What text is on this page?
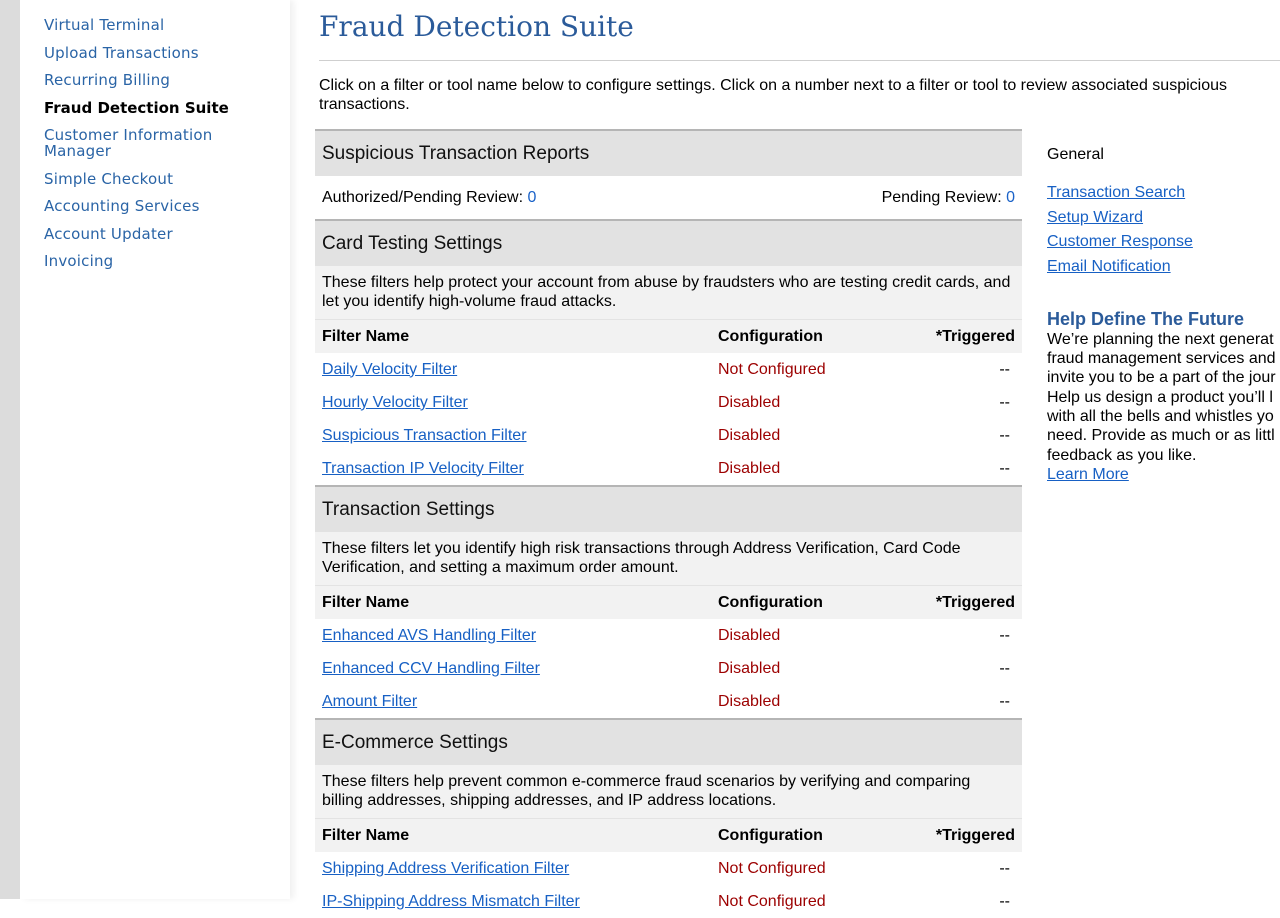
Virtual Terminal
Upload Transactions
Recurring Billing
Fraud Detection Suite
Customer Information Manager
Simple Checkout
Accounting Services
Account Updater
Invoicing
Fraud Detection Suite

Click on a filter or tool name below to configure settings. Click on a number next to a filter or tool to review associated suspicious transactions.

Suspicious Transaction Reports
Authorized/Pending Review: 0	Pending Review: 0
Card Testing Settings
These filters help protect your account from abuse by fraudsters who are testing credit cards, and let you identify high-volume fraud attacks.
Filter Name	Configuration	*Triggered
Daily Velocity Filter	Not Configured	--
Hourly Velocity Filter	Disabled	--
Suspicious Transaction Filter	Disabled	--
Transaction IP Velocity Filter	Disabled	--
Transaction Settings
These filters let you identify high risk transactions through Address Verification, Card Code Verification, and setting a maximum order amount.
Filter Name	Configuration	*Triggered
Enhanced AVS Handling Filter	Disabled	--
Enhanced CCV Handling Filter	Disabled	--
Amount Filter	Disabled	--
E-Commerce Settings
These filters help prevent common e-commerce fraud scenarios by verifying and comparing billing addresses, shipping addresses, and IP address locations.
Filter Name	Configuration	*Triggered
Shipping Address Verification Filter	Not Configured	--
IP-Shipping Address Mismatch Filter	Not Configured	--
General
Transaction Search
Setup Wizard
Customer Response
Email Notification
Help Define The Future
We’re planning the next generat
fraud management services and
invite you to be a part of the jour
Help us design a product you’ll l
with all the bells and whistles yo
need. Provide as much or as littl
feedback as you like.
Learn More
